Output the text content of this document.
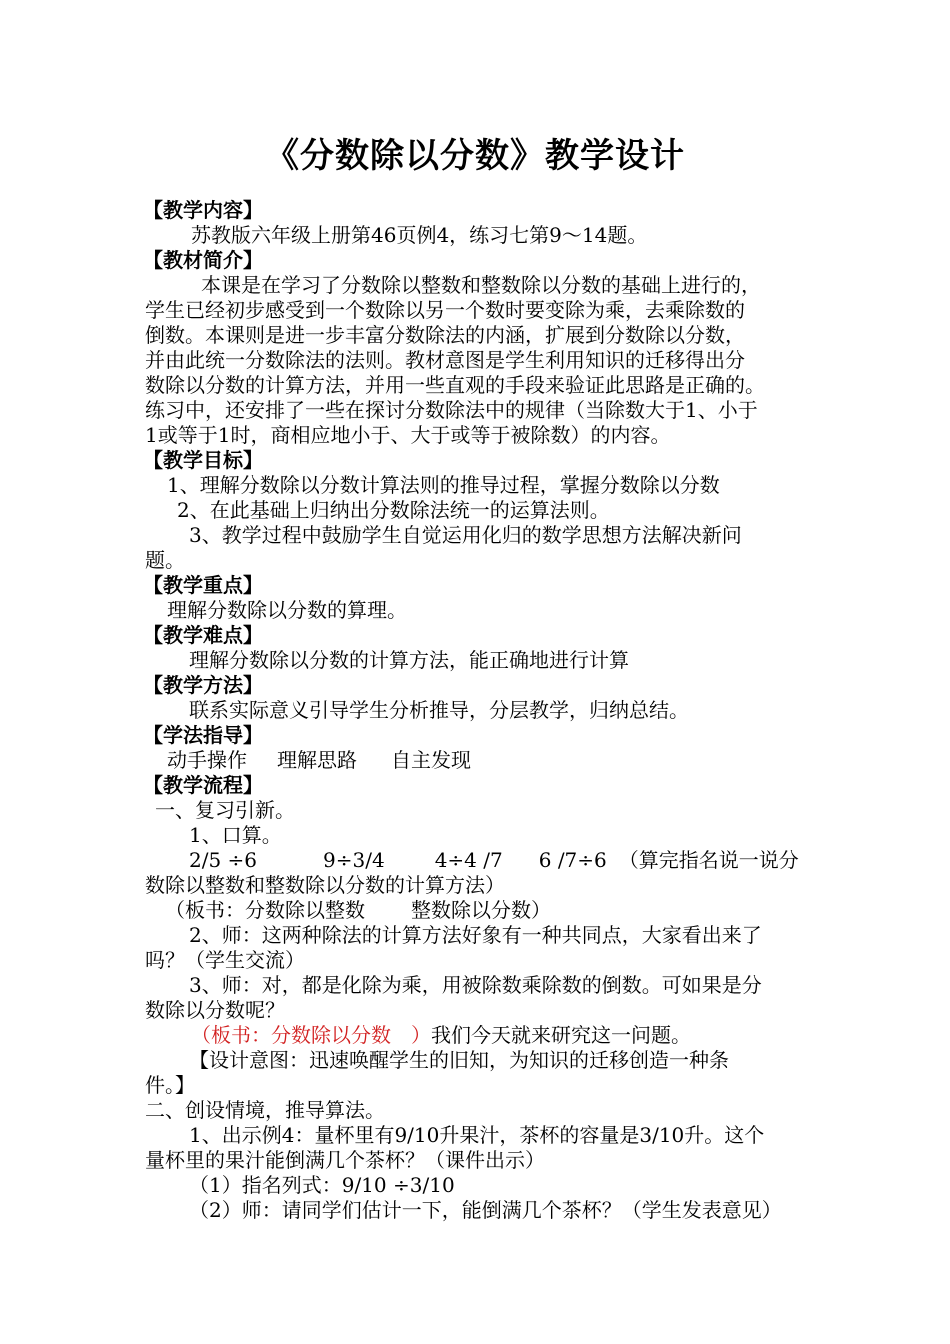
《分数除以分数》教学设计
【教学内容】
苏教版六年级上册第46页例4，练习七第9～14题。
【教材简介】
本课是在学习了分数除以整数和整数除以分数的基础上进行的，
学生已经初步感受到一个数除以另一个数时要变除为乘，去乘除数的
倒数。本课则是进一步丰富分数除法的内涵，扩展到分数除以分数，
并由此统一分数除法的法则。教材意图是学生利用知识的迁移得出分
数除以分数的计算方法，并用一些直观的手段来验证此思路是正确的。
练习中，还安排了一些在探讨分数除法中的规律（当除数大于1、小于
1或等于1时，商相应地小于、大于或等于被除数）的内容。
【教学目标】
1、理解分数除以分数计算法则的推导过程，掌握分数除以分数
2、在此基础上归纳出分数除法统一的运算法则。
3、教学过程中鼓励学生自觉运用化归的数学思想方法解决新问
题。
【教学重点】
理解分数除以分数的算理。
【教学难点】
理解分数除以分数的计算方法，能正确地进行计算
【教学方法】
联系实际意义引导学生分析推导，分层教学，归纳总结。
【学法指导】
动手操作 理解思路 自主发现
【教学流程】
一、复习引新。
1、口算。
2/5 ÷6	9÷3/4	4÷4 /7 6 /7÷6 （算完指名说一说分
数除以整数和整数除以分数的计算方法）
（板书：分数除以整数 整数除以分数）
2、师：这两种除法的计算方法好象有一种共同点，大家看出来了
吗？（学生交流）
3、师：对，都是化除为乘，用被除数乘除数的倒数。可如果是分
数除以分数呢？
（板书：分数除以分数　）我们今天就来研究这一问题。
【设计意图：迅速唤醒学生的旧知，为知识的迁移创造一种条
件。】
二、创设情境，推导算法。
1、出示例4：量杯里有9/10升果汁，茶杯的容量是3/10升。这个
量杯里的果汁能倒满几个茶杯？（课件出示）
（1）指名列式：9/10 ÷3/10
（2）师：请同学们估计一下，能倒满几个茶杯？（学生发表意见）
